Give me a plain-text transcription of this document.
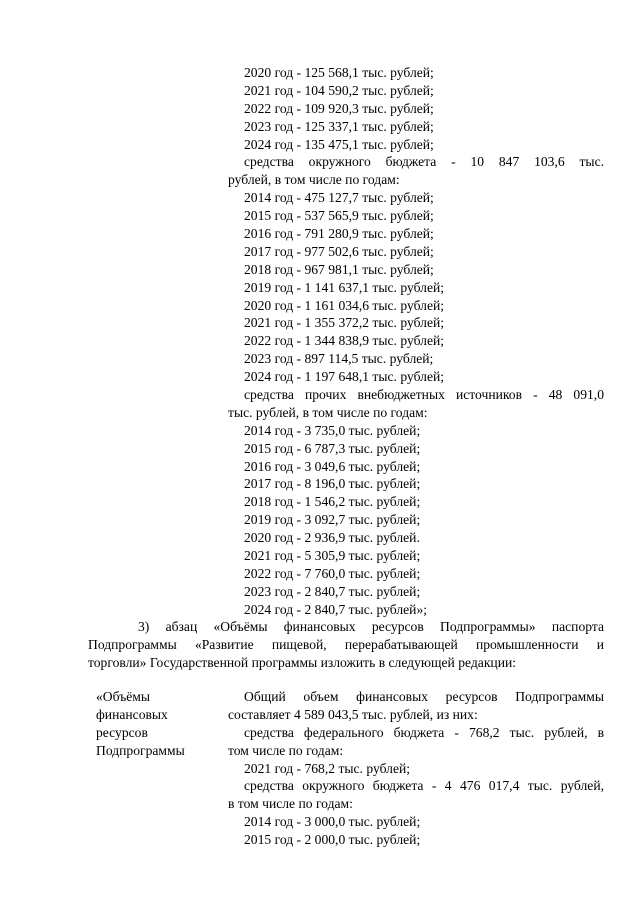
2020 год - 125 568,1 тыс. рублей;
2021 год - 104 590,2 тыс. рублей;
2022 год - 109 920,3 тыс. рублей;
2023 год - 125 337,1 тыс. рублей;
2024 год - 135 475,1 тыс. рублей;
средства окружного бюджета - 10 847 103,6 тыс.
рублей, в том числе по годам:
2014 год - 475 127,7 тыс. рублей;
2015 год - 537 565,9 тыс. рублей;
2016 год - 791 280,9 тыс. рублей;
2017 год - 977 502,6 тыс. рублей;
2018 год - 967 981,1 тыс. рублей;
2019 год - 1 141 637,1 тыс. рублей;
2020 год - 1 161 034,6 тыс. рублей;
2021 год - 1 355 372,2 тыс. рублей;
2022 год - 1 344 838,9 тыс. рублей;
2023 год - 897 114,5 тыс. рублей;
2024 год - 1 197 648,1 тыс. рублей;
средства прочих внебюджетных источников - 48 091,0
тыс. рублей, в том числе по годам:
2014 год - 3 735,0 тыс. рублей;
2015 год - 6 787,3 тыс. рублей;
2016 год - 3 049,6 тыс. рублей;
2017 год - 8 196,0 тыс. рублей;
2018 год - 1 546,2 тыс. рублей;
2019 год - 3 092,7 тыс. рублей;
2020 год - 2 936,9 тыс. рублей.
2021 год - 5 305,9 тыс. рублей;
2022 год - 7 760,0 тыс. рублей;
2023 год - 2 840,7 тыс. рублей;
2024 год - 2 840,7 тыс. рублей»;
3) абзац «Объёмы финансовых ресурсов Подпрограммы» паспорта
Подпрограммы «Развитие пищевой, перерабатывающей промышленности и
торговли» Государственной программы изложить в следующей редакции:
«Объёмы
финансовых
ресурсов
Подпрограммы
Общий объем финансовых ресурсов Подпрограммы
составляет 4 589 043,5 тыс. рублей, из них:
средства федерального бюджета - 768,2 тыс. рублей, в
том числе по годам:
2021 год - 768,2 тыс. рублей;
средства окружного бюджета - 4 476 017,4 тыс. рублей,
в том числе по годам:
2014 год - 3 000,0 тыс. рублей;
2015 год - 2 000,0 тыс. рублей;
